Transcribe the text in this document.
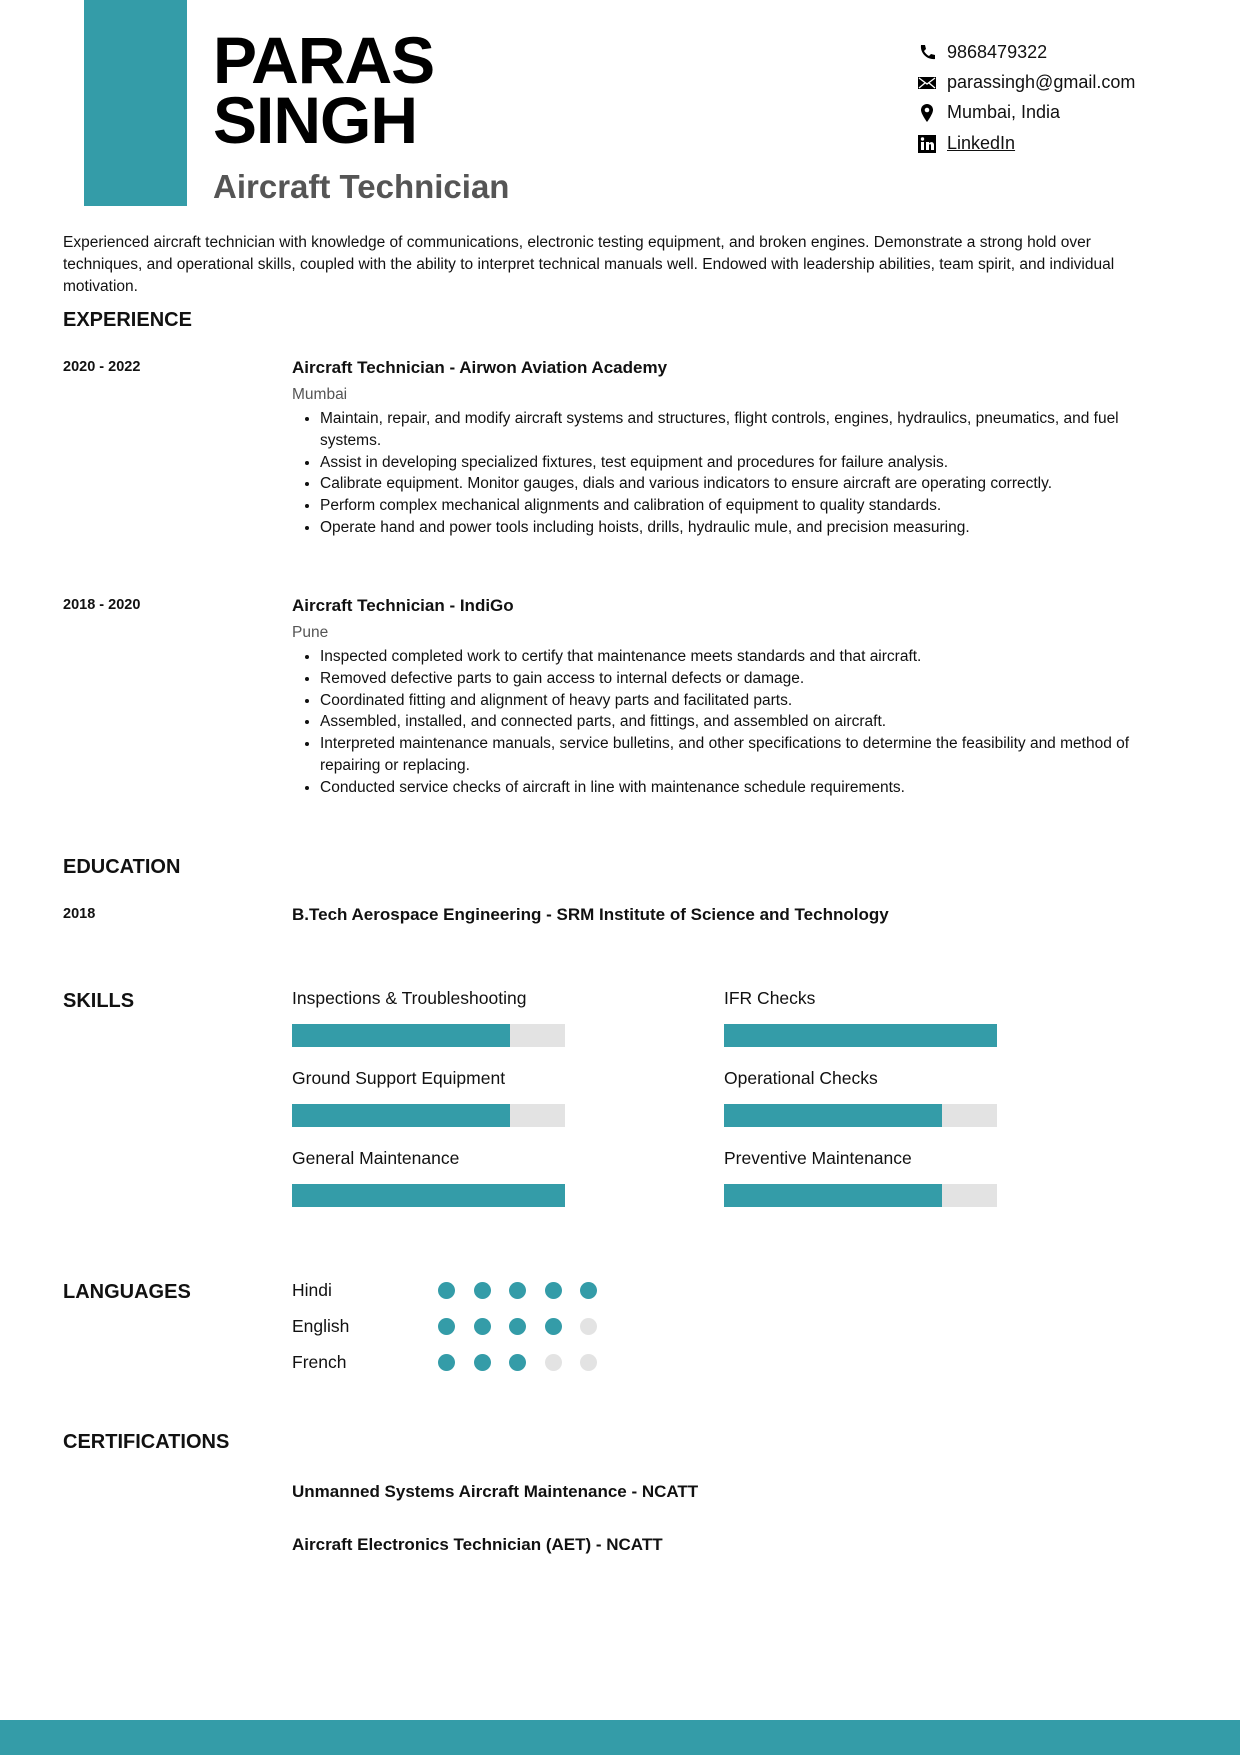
PARAS
SINGH
Aircraft Technician
9868479322
parassingh@gmail.com
Mumbai, India
LinkedIn
Experienced aircraft technician with knowledge of communications, electronic testing equipment, and broken engines. Demonstrate a strong hold over techniques, and operational skills, coupled with the ability to interpret technical manuals well. Endowed with leadership abilities, team spirit, and individual motivation.
EXPERIENCE
2020 - 2022	Aircraft Technician - Airwon Aviation Academy
Mumbai
• Maintain, repair, and modify aircraft systems and structures, flight controls, engines, hydraulics, pneumatics, and fuel systems.
• Assist in developing specialized fixtures, test equipment and procedures for failure analysis.
• Calibrate equipment. Monitor gauges, dials and various indicators to ensure aircraft are operating correctly.
• Perform complex mechanical alignments and calibration of equipment to quality standards.
• Operate hand and power tools including hoists, drills, hydraulic mule, and precision measuring.
2018 - 2020	Aircraft Technician - IndiGo
Pune
• Inspected completed work to certify that maintenance meets standards and that aircraft.
• Removed defective parts to gain access to internal defects or damage.
• Coordinated fitting and alignment of heavy parts and facilitated parts.
• Assembled, installed, and connected parts, and fittings, and assembled on aircraft.
• Interpreted maintenance manuals, service bulletins, and other specifications to determine the feasibility and method of repairing or replacing.
• Conducted service checks of aircraft in line with maintenance schedule requirements.
EDUCATION
2018	B.Tech Aerospace Engineering - SRM Institute of Science and Technology
SKILLS	Inspections & Troubleshooting	IFR Checks
Ground Support Equipment	Operational Checks
General Maintenance	Preventive Maintenance
LANGUAGES	Hindi
English
French
CERTIFICATIONS
Unmanned Systems Aircraft Maintenance - NCATT
Aircraft Electronics Technician (AET) - NCATT
